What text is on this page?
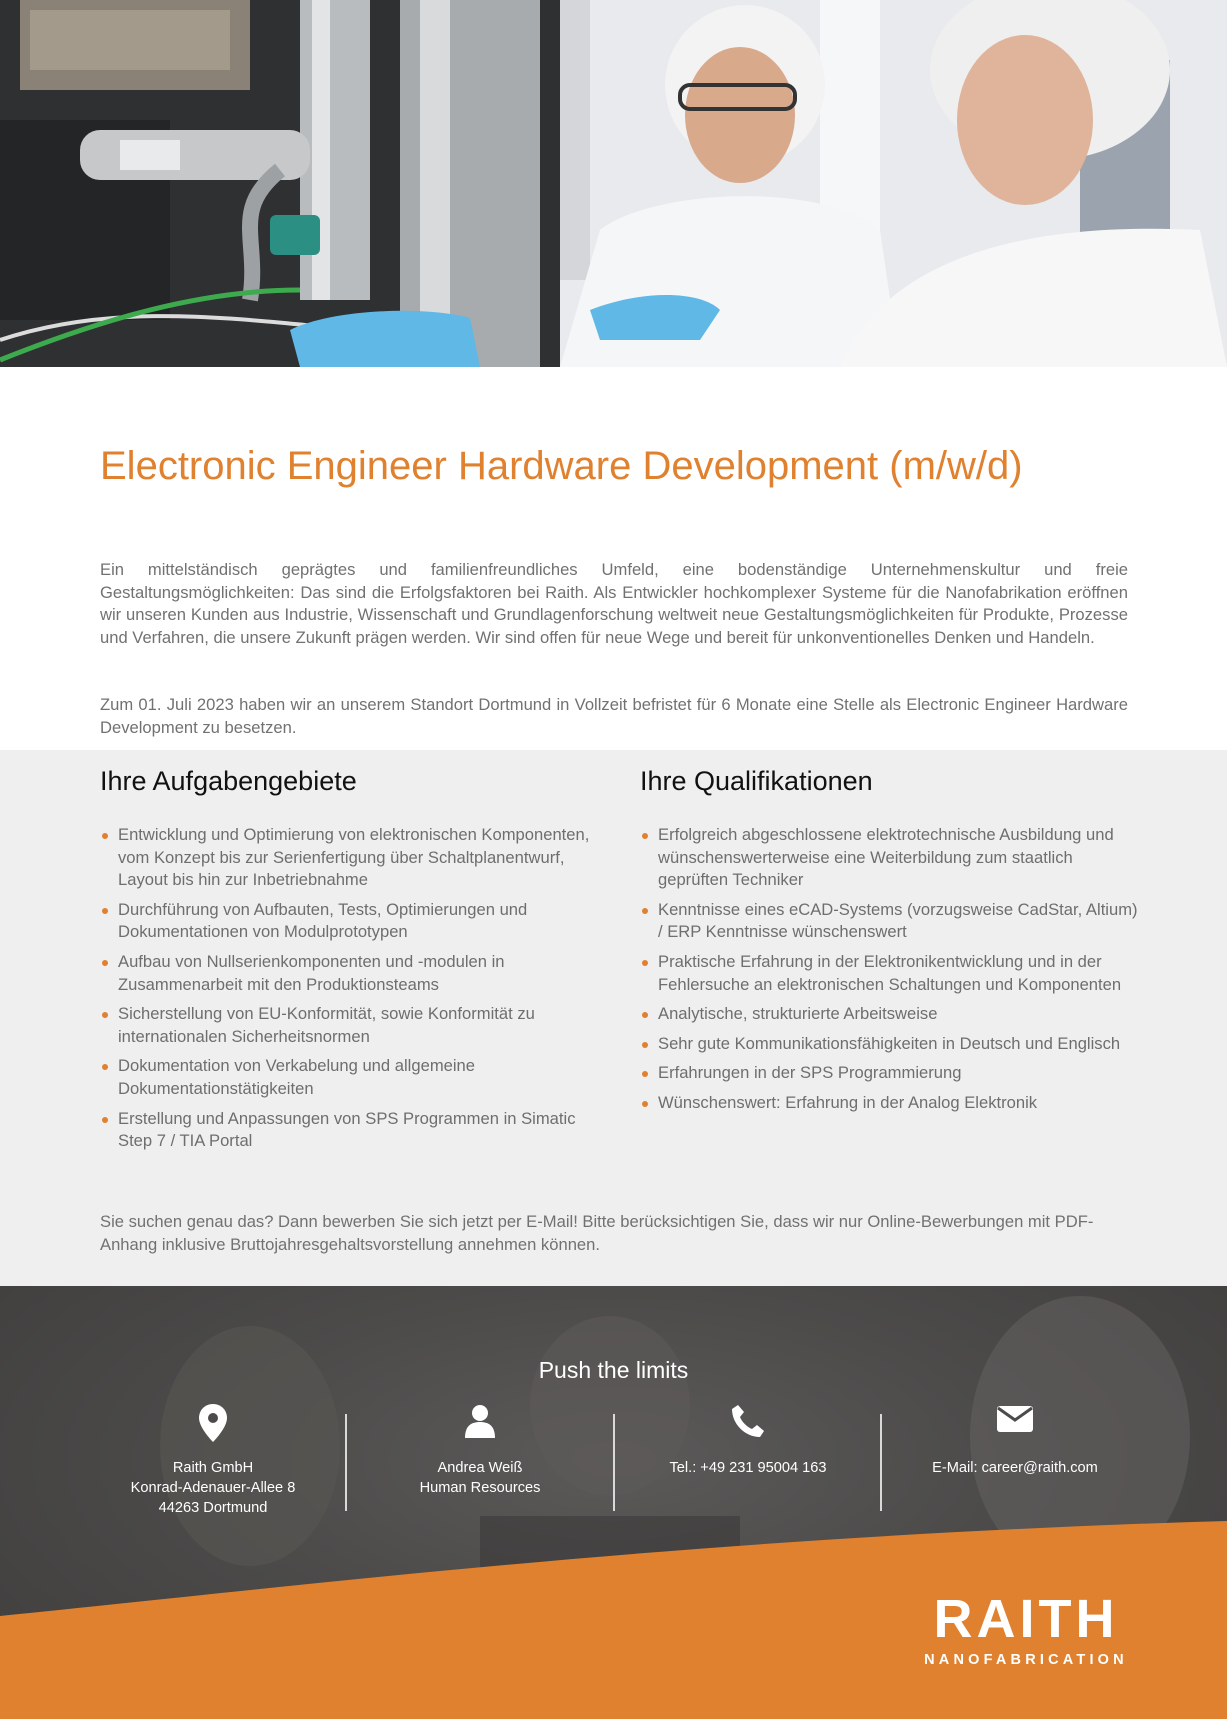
Electronic Engineer Hardware Development (m/w/d)

Ein mittelständisch geprägtes und familienfreundliches Umfeld, eine bodenständige Unternehmenskultur und freie Gestaltungsmöglichkeiten: Das sind die Erfolgsfaktoren bei Raith. Als Entwickler hochkomplexer Systeme für die Nanofabrikation eröffnen wir unseren Kunden aus Industrie, Wissenschaft und Grundlagenforschung weltweit neue Gestaltungsmöglichkeiten für Produkte, Prozesse und Verfahren, die unsere Zukunft prägen werden. Wir sind offen für neue Wege und bereit für unkonventionelles Denken und Handeln.

Zum 01. Juli 2023 haben wir an unserem Standort Dortmund in Vollzeit befristet für 6 Monate eine Stelle als Electronic Engineer Hardware Development zu besetzen.

Ihre Aufgabengebiete
Entwicklung und Optimierung von elektronischen Komponenten, vom Konzept bis zur Serienfertigung über Schaltplanentwurf, Layout bis hin zur Inbetriebnahme
Durchführung von Aufbauten, Tests, Optimierungen und Dokumentationen von Modulprototypen
Aufbau von Nullserienkomponenten und -modulen in Zusammenarbeit mit den Produktionsteams
Sicherstellung von EU-Konformität, sowie Konformität zu internationalen Sicherheitsnormen
Dokumentation von Verkabelung und allgemeine Dokumentationstätigkeiten
Erstellung und Anpassungen von SPS Programmen in Simatic Step 7 / TIA Portal
Ihre Qualifikationen
Erfolgreich abgeschlossene elektrotechnische Ausbildung und wünschenswerterweise eine Weiterbildung zum staatlich geprüften Techniker
Kenntnisse eines eCAD-Systems (vorzugsweise CadStar, Altium) / ERP Kenntnisse wünschenswert
Praktische Erfahrung in der Elektronikentwicklung und in der Fehlersuche an elektronischen Schaltungen und Komponenten
Analytische, strukturierte Arbeitsweise
Sehr gute Kommunikationsfähigkeiten in Deutsch und Englisch
Erfahrungen in der SPS Programmierung
Wünschenswert: Erfahrung in der Analog Elektronik

Sie suchen genau das? Dann bewerben Sie sich jetzt per E-Mail! Bitte berücksichtigen Sie, dass wir nur Online-Bewerbungen mit PDF-Anhang inklusive Bruttojahresgehaltsvorstellung annehmen können.

Push the limits

Raith GmbH
Konrad-Adenauer-Allee 8
44263 Dortmund
Andrea Weiß
Human Resources
Tel.: +49 231 95004 163	E-Mail: career@raith.com
RAITH
NANOFABRICATION
